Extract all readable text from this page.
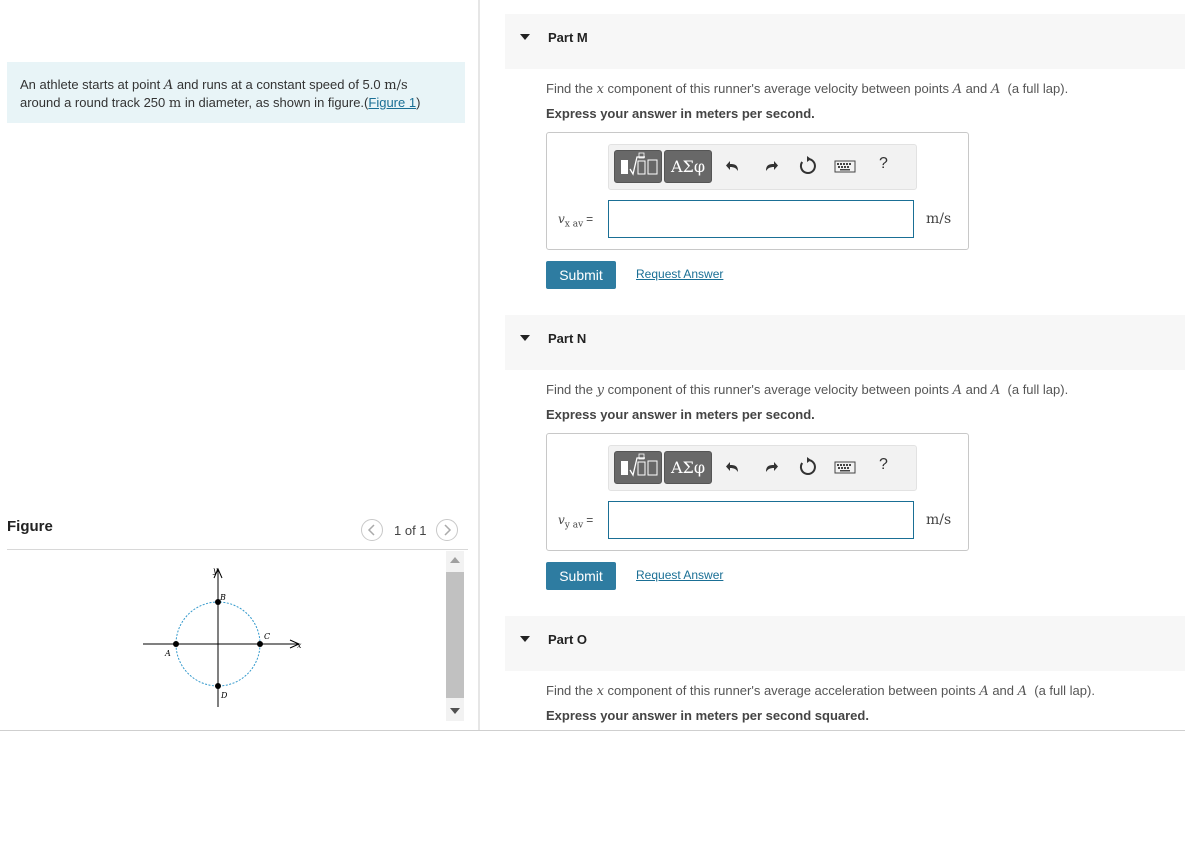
An athlete starts at point A and runs at a constant speed of 5.0 m/s
around a round track 250 m in diameter, as shown in figure.(Figure 1)
Figure	1 of 1
y
x
A
B
C
D
Part M
Find the x component of this runner's average velocity between points A and A  (a full lap).
Express your answer in meters per second.
ΑΣφ	?
$v_{x av}$ =	m/s
Submit	Request Answer
Part N
Find the y component of this runner's average velocity between points A and A  (a full lap).
Express your answer in meters per second.
ΑΣφ	?
$v_{y av}$ =	m/s
Submit	Request Answer
Part O
Find the x component of this runner's average acceleration between points A and A  (a full lap).
Express your answer in meters per second squared.
